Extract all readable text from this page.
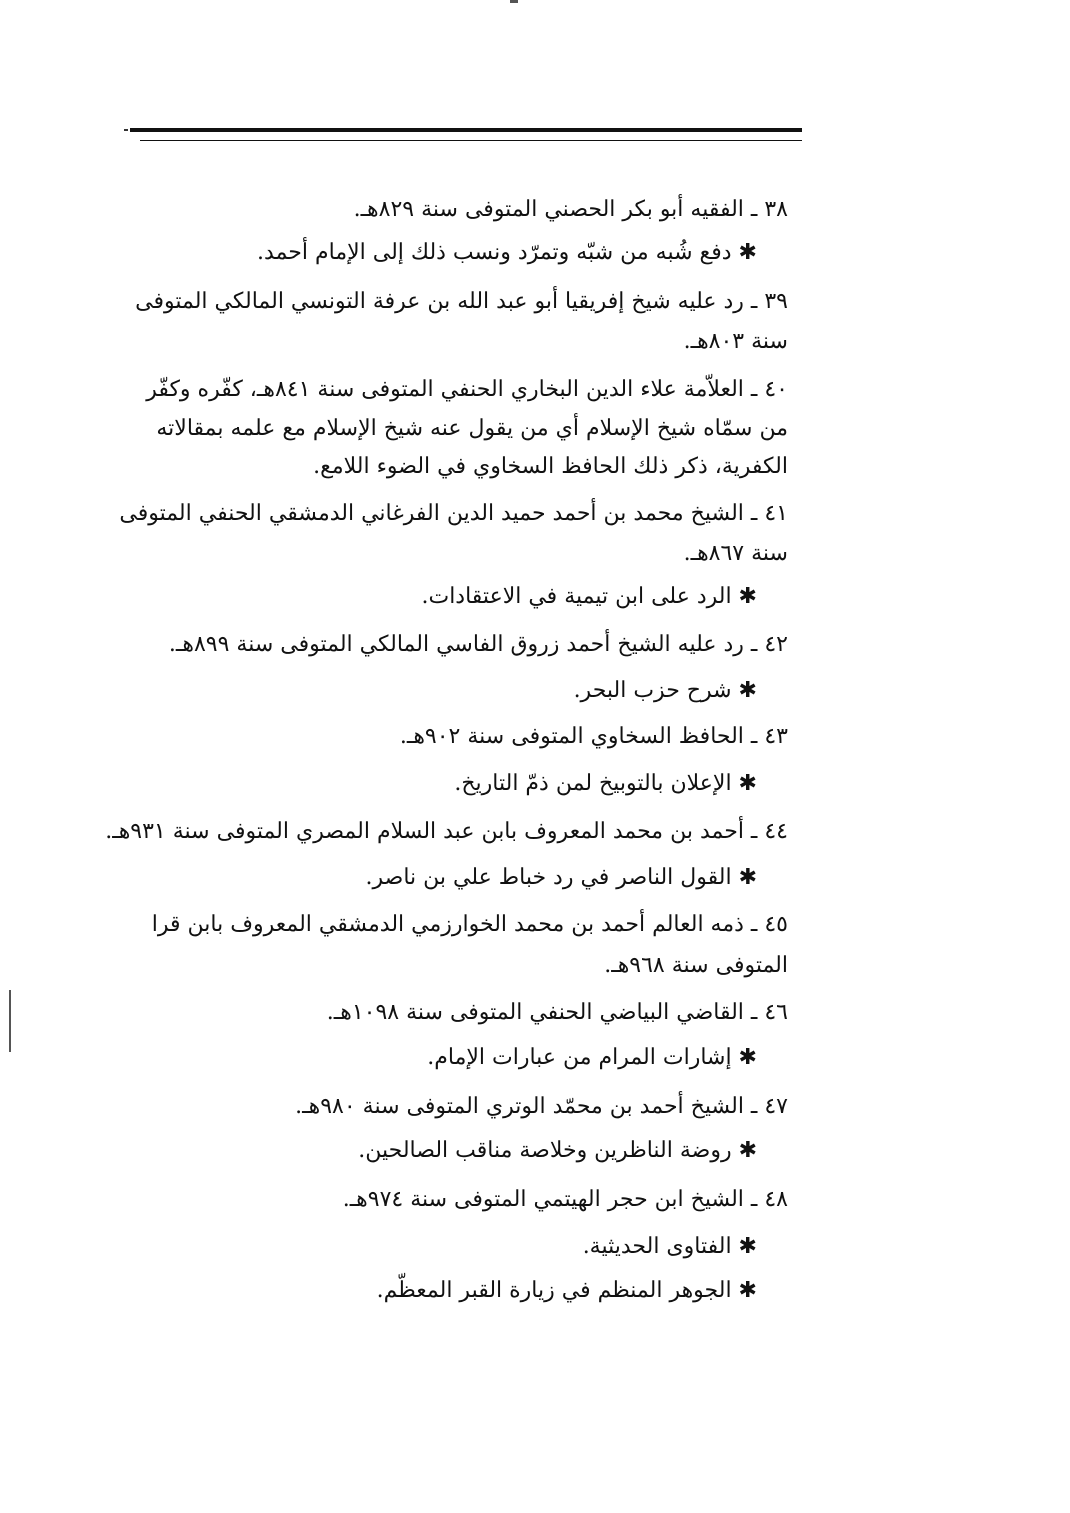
٣٨ ـ الفقيه أبو بكر الحصني المتوفى سنة ٨٢٩هـ.
✱ دفع شُبه من شبّه وتمرّد ونسب ذلك إلى الإمام أحمد.
٣٩ ـ رد عليه شيخ إفريقيا أبو عبد الله بن عرفة التونسي المالكي المتوفى
سنة ٨٠٣هـ.
٤٠ ـ العلاّمة علاء الدين البخاري الحنفي المتوفى سنة ٨٤١هـ، كفّره وكفّر
من سمّاه شيخ الإسلام أي من يقول عنه شيخ الإسلام مع علمه بمقالاته
الكفرية، ذكر ذلك الحافظ السخاوي في الضوء اللامع.
٤١ ـ الشيخ محمد بن أحمد حميد الدين الفرغاني الدمشقي الحنفي المتوفى
سنة ٨٦٧هـ.
✱ الرد على ابن تيمية في الاعتقادات.
٤٢ ـ رد عليه الشيخ أحمد زروق الفاسي المالكي المتوفى سنة ٨٩٩هـ.
✱ شرح حزب البحر.
٤٣ ـ الحافظ السخاوي المتوفى سنة ٩٠٢هـ.
✱ الإعلان بالتوبيخ لمن ذمّ التاريخ.
٤٤ ـ أحمد بن محمد المعروف بابن عبد السلام المصري المتوفى سنة ٩٣١هـ.
✱ القول الناصر في رد خباط علي بن ناصر.
٤٥ ـ ذمه العالم أحمد بن محمد الخوارزمي الدمشقي المعروف بابن قرا
المتوفى سنة ٩٦٨هـ.
٤٦ ـ القاضي البياضي الحنفي المتوفى سنة ١٠٩٨هـ.
✱ إشارات المرام من عبارات الإمام.
٤٧ ـ الشيخ أحمد بن محمّد الوتري المتوفى سنة ٩٨٠هـ.
✱ روضة الناظرين وخلاصة مناقب الصالحين.
٤٨ ـ الشيخ ابن حجر الهيتمي المتوفى سنة ٩٧٤هـ.
✱ الفتاوى الحديثية.
✱ الجوهر المنظم في زيارة القبر المعظّم.
